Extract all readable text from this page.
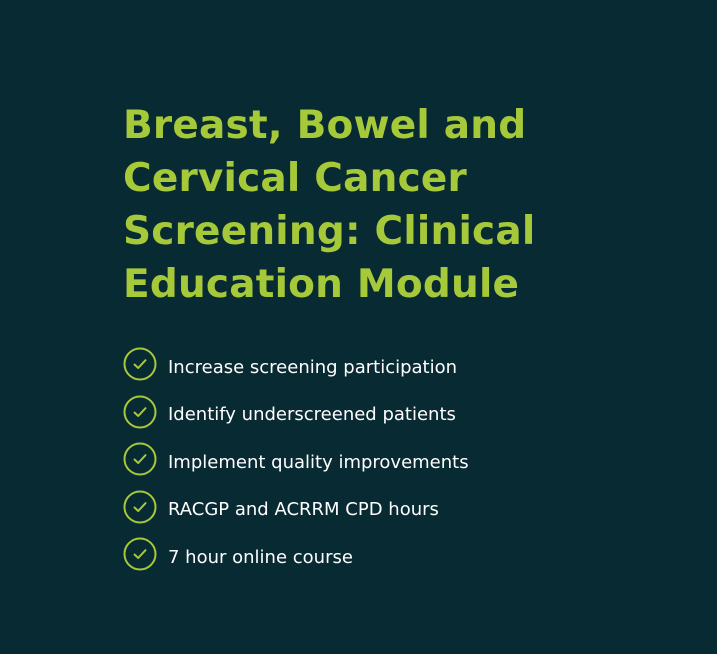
Breast, Bowel and
Cervical Cancer
Screening: Clinical
Education Module
Increase screening participation
Identify underscreened patients
Implement quality improvements
RACGP and ACRRM CPD hours
7 hour online course
